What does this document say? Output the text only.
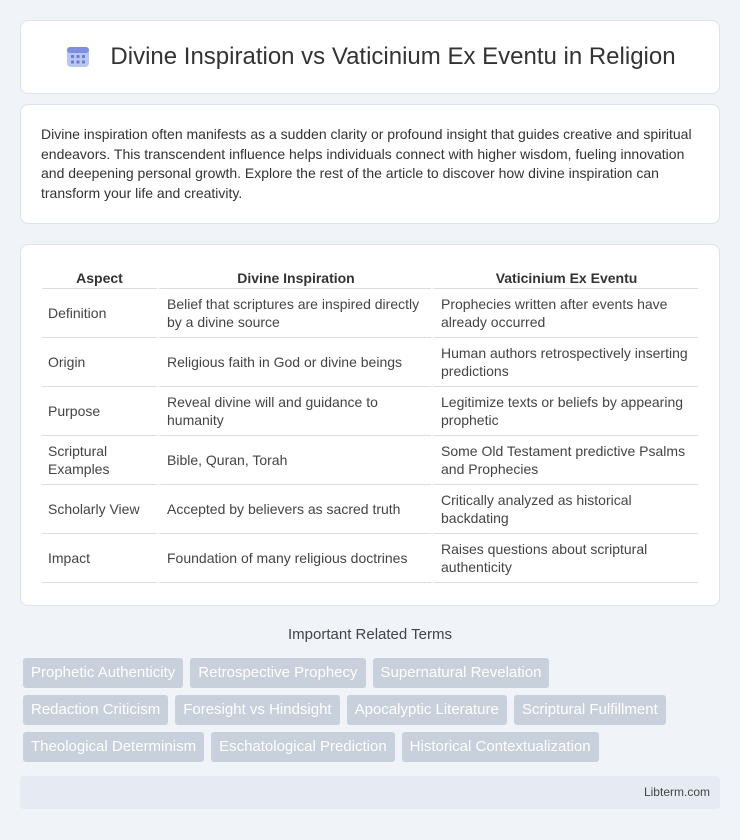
Divine Inspiration vs Vaticinium Ex Eventu in Religion

Divine inspiration often manifests as a sudden clarity or profound insight that guides creative and spiritual endeavors. This transcendent influence helps individuals connect with higher wisdom, fueling innovation and deepening personal growth. Explore the rest of the article to discover how divine inspiration can transform your life and creativity.

Aspect	Divine Inspiration	Vaticinium Ex Eventu
Definition	Belief that scriptures are inspired directly by a divine source	Prophecies written after events have already occurred
Origin	Religious faith in God or divine beings	Human authors retrospectively inserting predictions
Purpose	Reveal divine will and guidance to humanity	Legitimize texts or beliefs by appearing prophetic
Scriptural Examples	Bible, Quran, Torah	Some Old Testament predictive Psalms and Prophecies
Scholarly View	Accepted by believers as sacred truth	Critically analyzed as historical backdating
Impact	Foundation of many religious doctrines	Raises questions about scriptural authenticity
Important Related Terms
Prophetic Authenticity	Retrospective Prophecy	Supernatural Revelation
Redaction Criticism	Foresight vs Hindsight	Apocalyptic Literature	Scriptural Fulfillment
Theological Determinism	Eschatological Prediction	Historical Contextualization
Libterm.com
